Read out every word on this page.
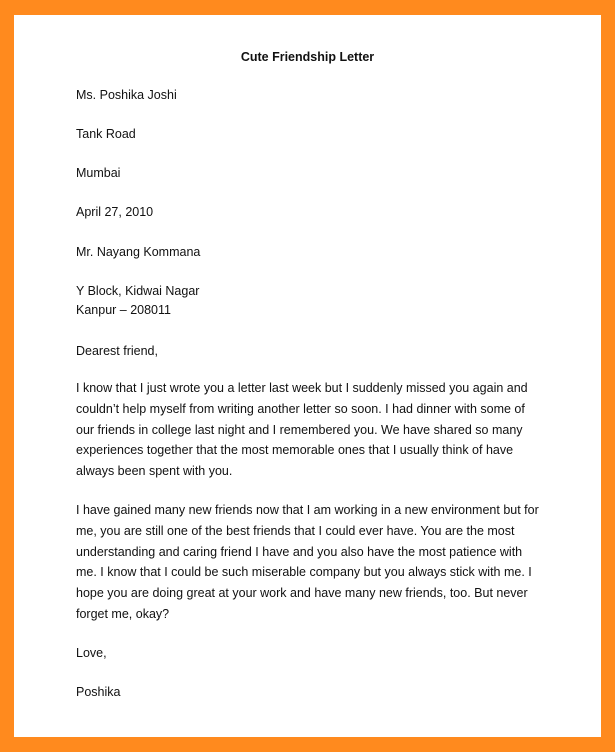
Cute Friendship Letter

Ms. Poshika Joshi

Tank Road

Mumbai

April 27, 2010

Mr. Nayang Kommana

Y Block, Kidwai Nagar

Kanpur – 208011

Dearest friend,

I know that I just wrote you a letter last week but I suddenly missed you again and
couldn’t help myself from writing another letter so soon. I had dinner with some of
our friends in college last night and I remembered you. We have shared so many
experiences together that the most memorable ones that I usually think of have
always been spent with you.
I have gained many new friends now that I am working in a new environment but for
me, you are still one of the best friends that I could ever have. You are the most
understanding and caring friend I have and you also have the most patience with
me. I know that I could be such miserable company but you always stick with me. I
hope you are doing great at your work and have many new friends, too. But never
forget me, okay?

Love,

Poshika
